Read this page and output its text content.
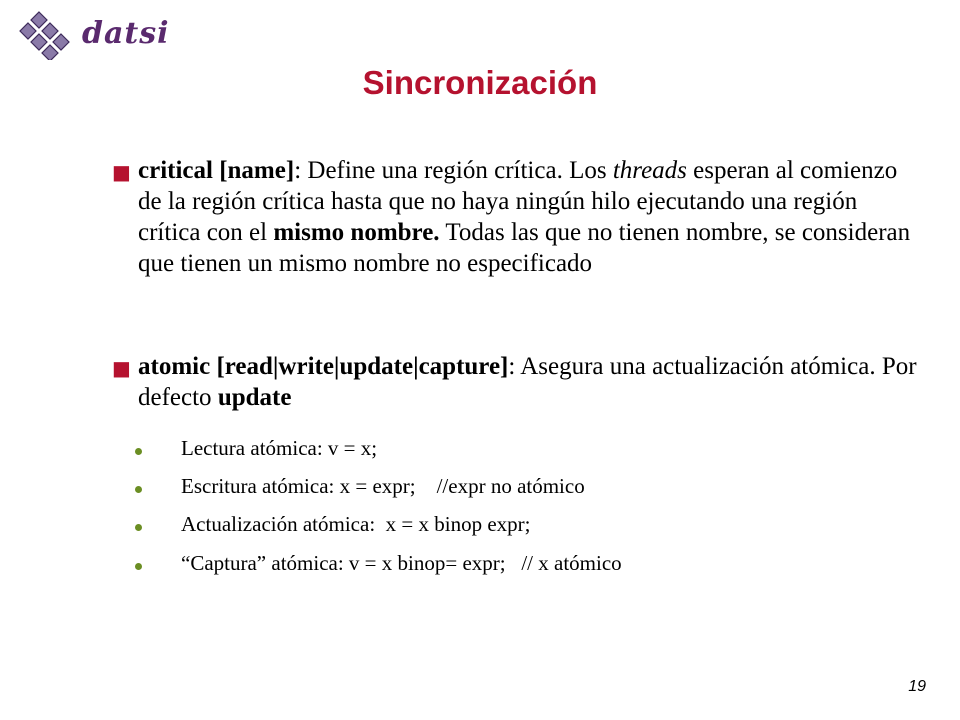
datsi
Sincronización
■ critical [name]: Define una región crítica. Los threads esperan al comienzo de la región crítica hasta que no haya ningún hilo ejecutando una región crítica con el mismo nombre. Todas las que no tienen nombre, se consideran que tienen un mismo nombre no especificado
■ atomic [read|write|update|capture]: Asegura una actualización atómica. Por defecto update
Lectura atómica: v = x;
Escritura atómica: x = expr;    //expr no atómico
Actualización atómica:  x = x binop expr;
“Captura” atómica: v = x binop= expr;   // x atómico
19
